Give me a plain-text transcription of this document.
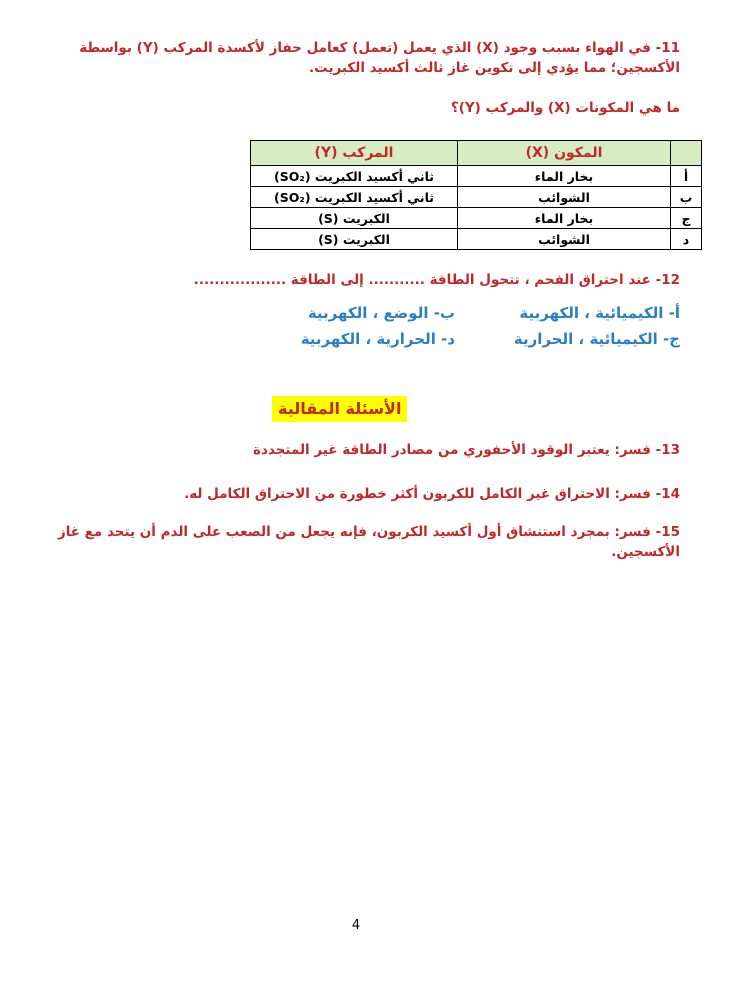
11- في الهواء بسبب وجود (X) الذي يعمل (تعمل) كعامل حفاز لأكسدة المركب (Y) بواسطة الأكسجين؛ مما يؤدي إلى تكوين غاز ثالث أكسيد الكبريت.
ما هي المكونات (X) والمركب (Y)؟
	المكون (X)	المركب (Y)
أ	بخار الماء	ثاني أكسيد الكبريت (SO₂)
ب	الشوائب	ثاني أكسيد الكبريت (SO₂)
ج	بخار الماء	الكبريت (S)
د	الشوائب	الكبريت (S)
12- عند احتراق الفحم ، تتحول الطاقة ........... إلى الطاقة ..................
أ- الكيميائية ، الكهربية
ب- الوضع ، الكهربية
ج- الكيميائية ، الحرارية
د- الحرارية ، الكهربية
الأسئلة المقالية
13- فسر: يعتبر الوقود الأحفوري من مصادر الطاقة غير المتجددة
14- فسر: الاحتراق غير الكامل للكربون أكثر خطورة من الاحتراق الكامل له.
15- فسر: بمجرد استنشاق أول أكسيد الكربون، فإنه يجعل من الصعب على الدم أن يتحد مع غاز الأكسجين.
4
